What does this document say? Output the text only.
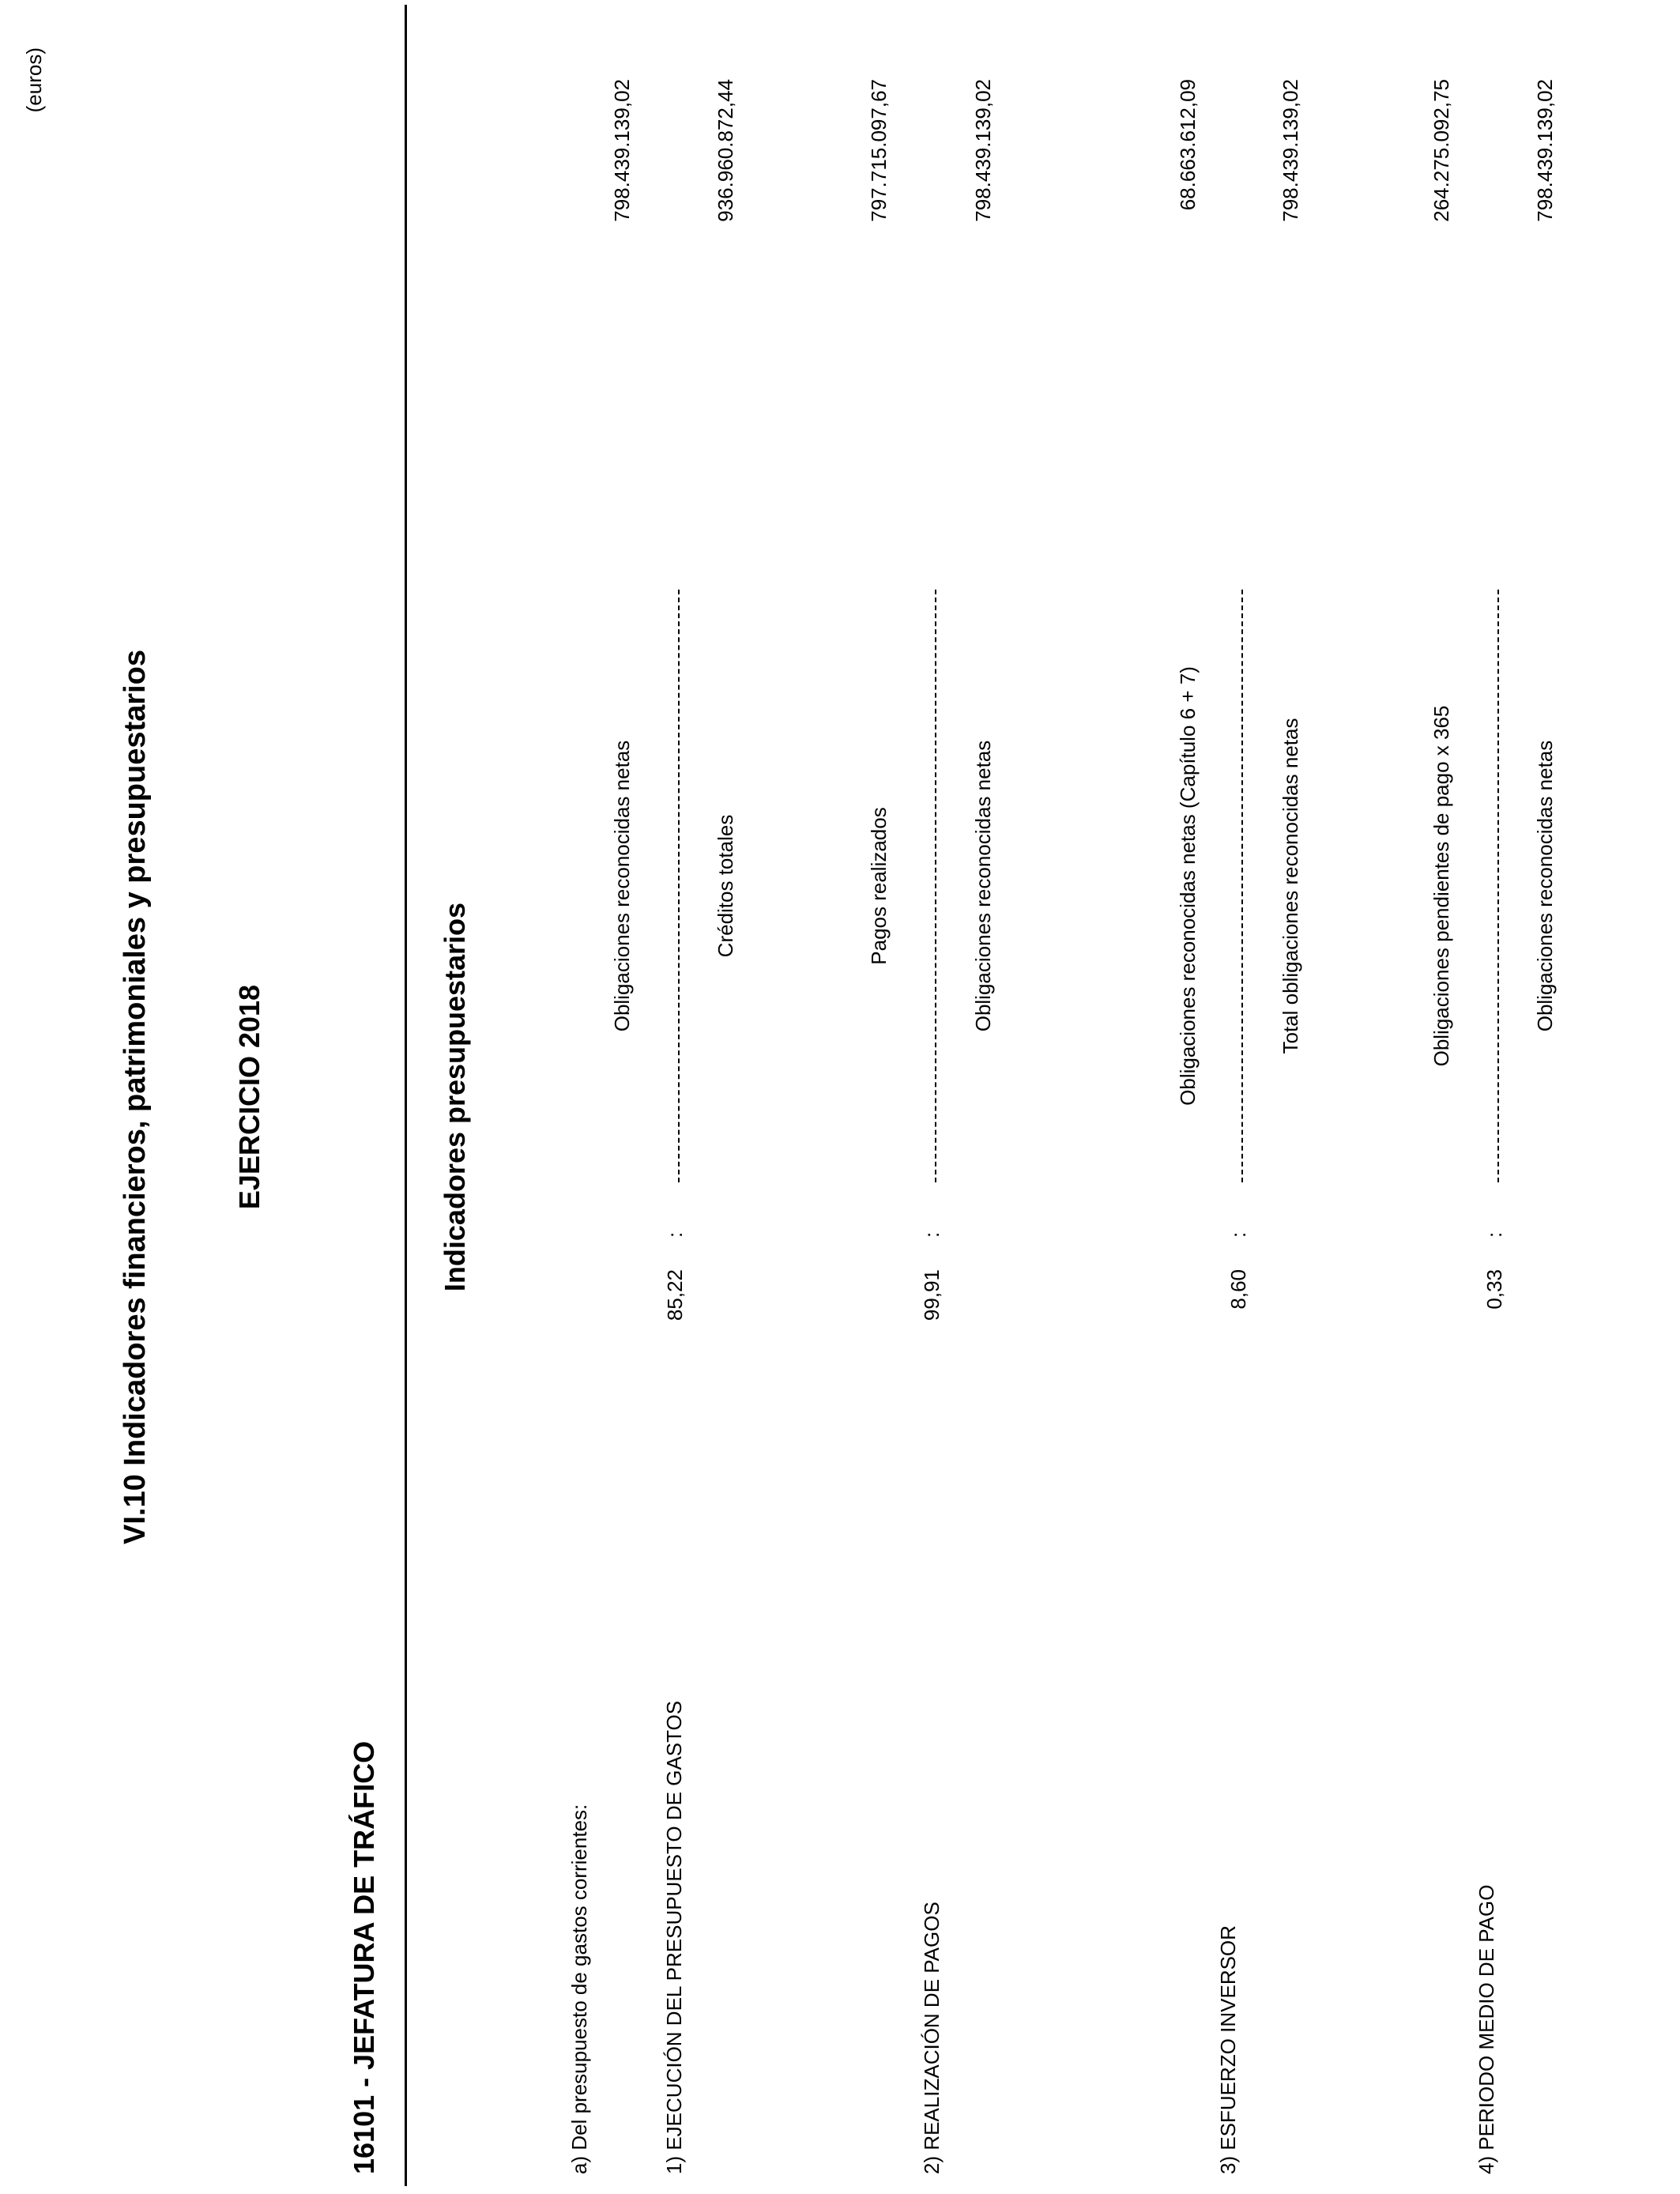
(euros)
VI.10 Indicadores financieros, patrimoniales y presupuestarios	EJERCICIO 2018
16101 - JEFATURA DE TRÁFICO
Indicadores presupuestarios
a) Del presupuesto de gastos corrientes:	1) EJECUCIÓN DEL PRESUPUESTO DE GASTOS
Obligaciones reconocidas netas
798.439.139,02
85,22
:
Créditos totales
936.960.872,44
2) REALIZACIÓN DE PAGOS
Pagos realizados
797.715.097,67
99,91
:
Obligaciones reconocidas netas
798.439.139,02
3) ESFUERZO INVERSOR
Obligaciones reconocidas netas (Capítulo 6 + 7)
68.663.612,09
8,60
:
Total obligaciones reconocidas netas
798.439.139,02
4) PERIODO MEDIO DE PAGO
Obligaciones pendientes de pago x 365
264.275.092,75
0,33
:
Obligaciones reconocidas netas
798.439.139,02
